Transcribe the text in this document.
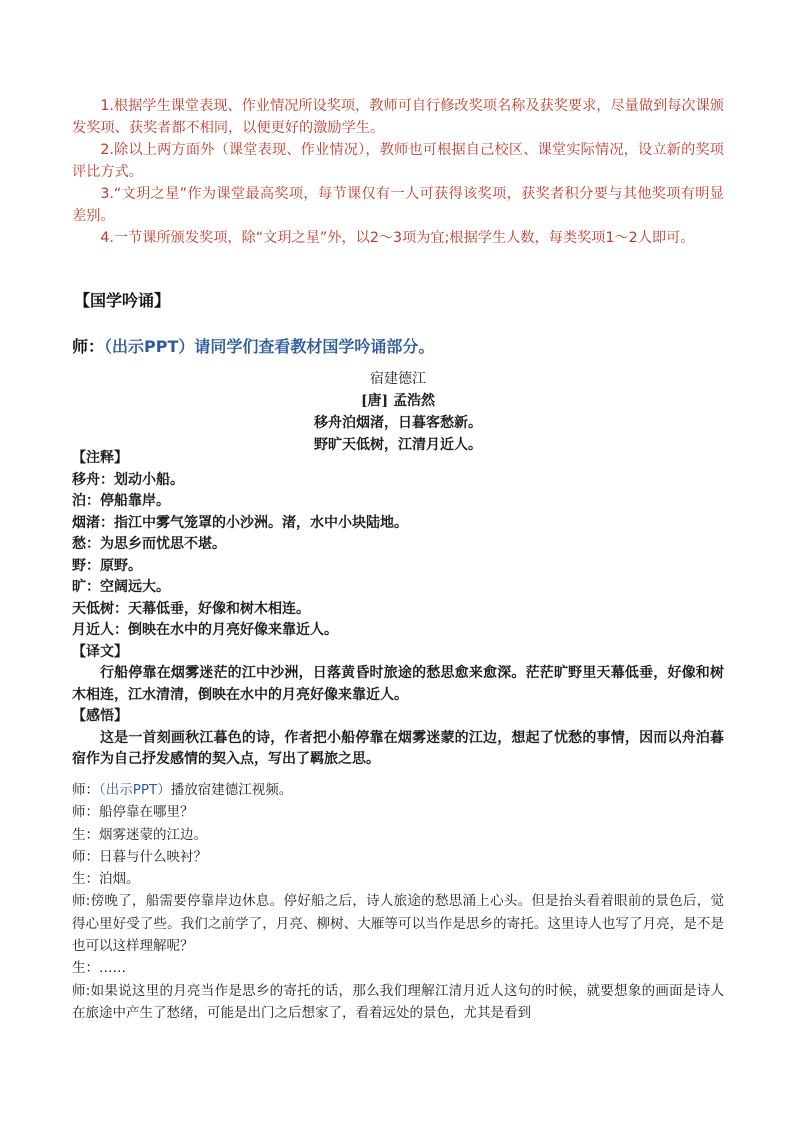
1.根据学生课堂表现、作业情况所设奖项，教师可自行修改奖项名称及获奖要求，尽量做到每次课颁发奖项、获奖者都不相同，以便更好的激励学生。

2.除以上两方面外（课堂表现、作业情况），教师也可根据自己校区、课堂实际情况，设立新的奖项评比方式。

3.“文玥之星”作为课堂最高奖项，每节课仅有一人可获得该奖项，获奖者积分要与其他奖项有明显差别。

4.一节课所颁发奖项，除“文玥之星”外，以2～3项为宜;根据学生人数，每类奖项1～2人即可。

【国学吟诵】
师：（出示PPT）请同学们查看教材国学吟诵部分。
宿建德江
[唐] 孟浩然
移舟泊烟渚，日暮客愁新。
野旷天低树，江清月近人。

【注释】

移舟：划动小船。

泊：停船靠岸。

烟渚：指江中雾气笼罩的小沙洲。渚，水中小块陆地。

愁：为思乡而忧思不堪。

野：原野。

旷：空阔远大。

天低树：天幕低垂，好像和树木相连。

月近人：倒映在水中的月亮好像来靠近人。

【译文】

行船停靠在烟雾迷茫的江中沙洲，日落黄昏时旅途的愁思愈来愈深。茫茫旷野里天幕低垂，好像和树木相连，江水清清，倒映在水中的月亮好像来靠近人。

【感悟】

这是一首刻画秋江暮色的诗，作者把小船停靠在烟雾迷蒙的江边，想起了忧愁的事情，因而以舟泊暮宿作为自己抒发感情的契入点，写出了羁旅之思。

师：（出示PPT）播放宿建德江视频。

师：船停靠在哪里？

生：烟雾迷蒙的江边。

师：日暮与什么映衬？

生：泊烟。

师:傍晚了，船需要停靠岸边休息。停好船之后，诗人旅途的愁思涌上心头。但是抬头看着眼前的景色后，觉得心里好受了些。我们之前学了，月亮、柳树、大雁等可以当作是思乡的寄托。这里诗人也写了月亮，是不是也可以这样理解呢？

生：……

师:如果说这里的月亮当作是思乡的寄托的话，那么我们理解江清月近人这句的时候，就要想象的画面是诗人在旅途中产生了愁绪，可能是出门之后想家了，看着远处的景色，尤其是看到
